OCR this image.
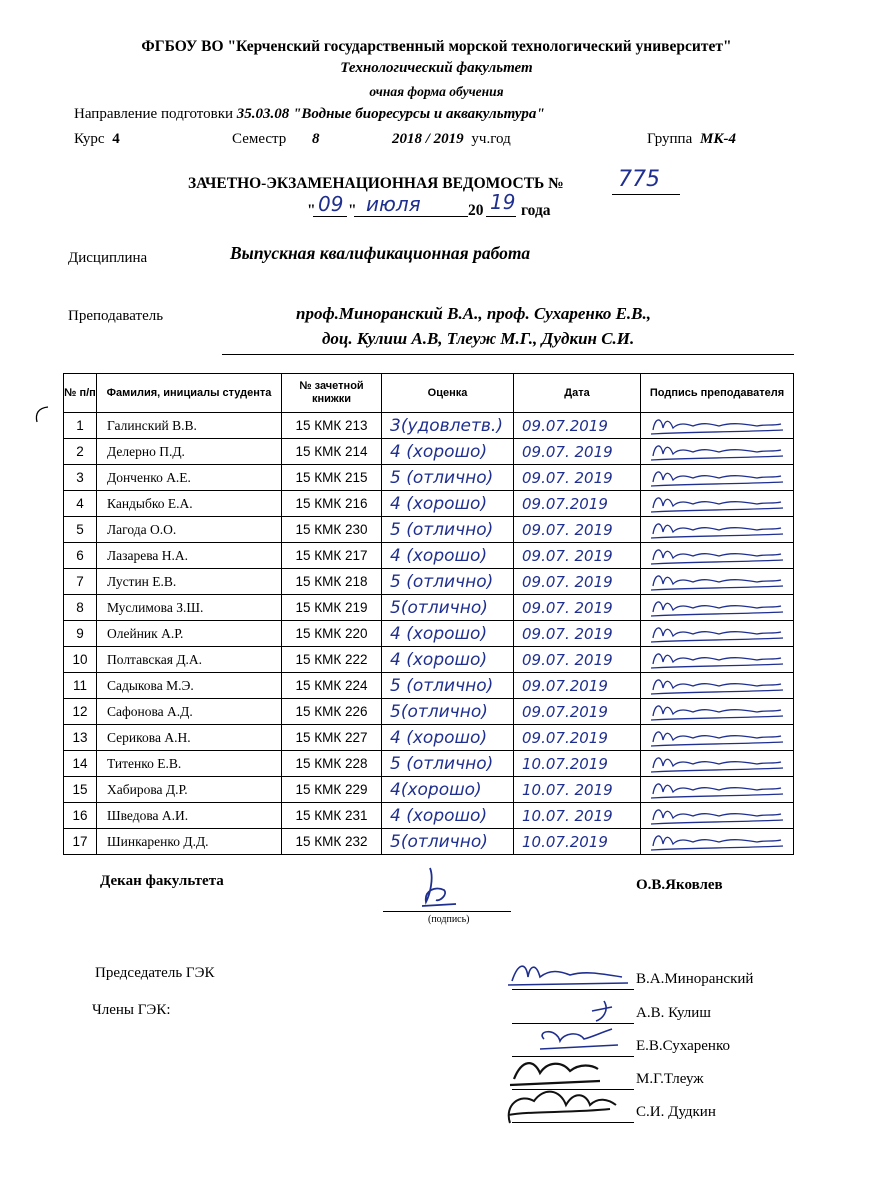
ФГБОУ ВО "Керченский государственный морской технологический университет"
Технологический факультет
очная форма обучения
Направление подготовки 35.03.08 "Водные биоресурсы и аквакультура"
Курс 4	Семестр 8	2018 / 2019 уч.год	Группа МК-4
ЗАЧЕТНО-ЭКЗАМЕНАЦИОННАЯ ВЕДОМОСТЬ № 775
" 09 " июля	20 19 года
Дисциплина	Выпускная квалификационная работа
Преподаватель	проф.Миноранский В.А., проф. Сухаренко Е.В.,
доц. Кулиш А.В, Тлеуж М.Г., Дудкин С.И.
№ п/п	Фамилия, инициалы студента	№ зачетной книжки	Оценка	Дата	Подпись преподавателя
1	Галинский В.В.	15 КМК 213	3(удовлетв.)	09.07.2019

2	Делерно П.Д.	15 КМК 214	4 (хорошо)	09.07. 2019

3	Донченко А.Е.	15 КМК 215	5 (отлично)	09.07. 2019

4	Кандыбко Е.А.	15 КМК 216	4 (хорошо)	09.07.2019

5	Лагода О.О.	15 КМК 230	5 (отлично)	09.07. 2019

6	Лазарева Н.А.	15 КМК 217	4 (хорошо)	09.07. 2019

7	Лустин Е.В.	15 КМК 218	5 (отлично)	09.07. 2019

8	Муслимова З.Ш.	15 КМК 219	5(отлично)	09.07. 2019

9	Олейник А.Р.	15 КМК 220	4 (хорошо)	09.07. 2019

10	Полтавская Д.А.	15 КМК 222	4 (хорошо)	09.07. 2019

11	Садыкова М.Э.	15 КМК 224	5 (отлично)	09.07.2019

12	Сафонова А.Д.	15 КМК 226	5(отлично)	09.07.2019

13	Серикова А.Н.	15 КМК 227	4 (хорошо)	09.07.2019

14	Титенко Е.В.	15 КМК 228	5 (отлично)	10.07.2019

15	Хабирова Д.Р.	15 КМК 229	4(хорошо)	10.07. 2019

16	Шведова А.И.	15 КМК 231	4 (хорошо)	10.07. 2019

17	Шинкаренко Д.Д.	15 КМК 232	5(отлично)	10.07.2019

Декан факультета	О.В.Яковлев
(подпись)
Председатель ГЭК
Члены ГЭК:
В.А.Миноранский
А.В. Кулиш
Е.В.Сухаренко
М.Г.Тлеуж
С.И. Дудкин
